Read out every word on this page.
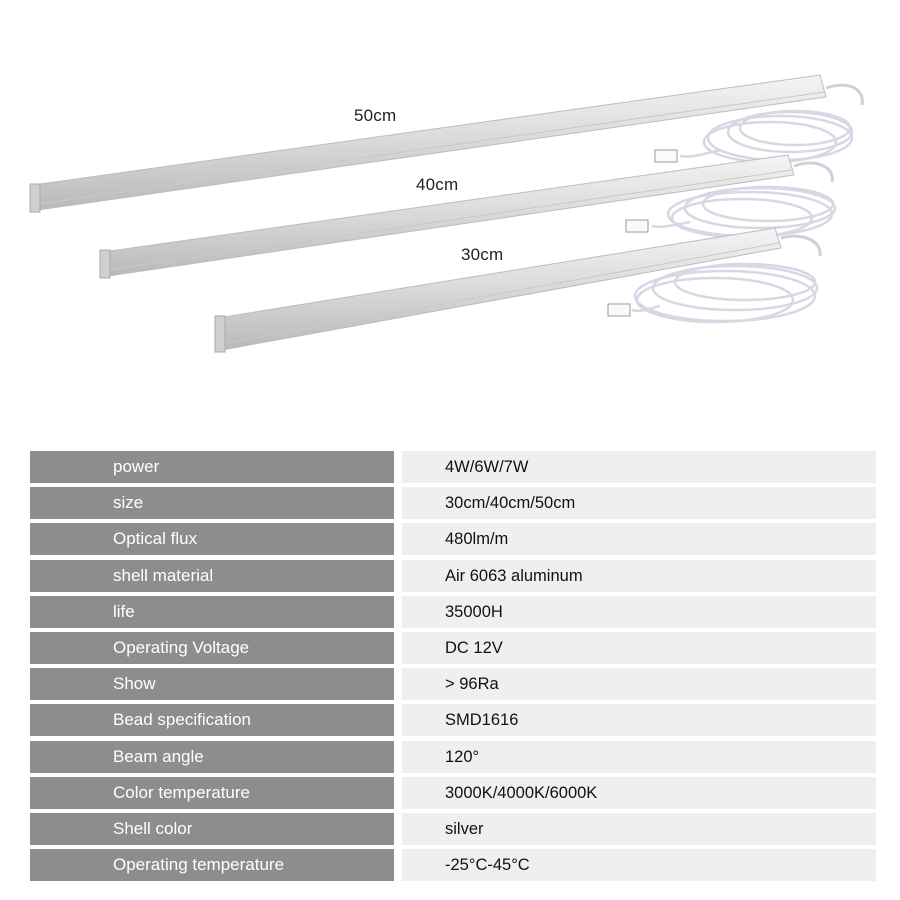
50cm
40cm
30cm
power	4W/6W/7W
size	30cm/40cm/50cm
Optical flux	480lm/m
shell material	Air 6063 aluminum
life	35000H
Operating Voltage	DC 12V
Show	> 96Ra
Bead specification	SMD1616
Beam angle	120°
Color temperature	3000K/4000K/6000K
Shell color	silver
Operating temperature	-25°C-45°C
